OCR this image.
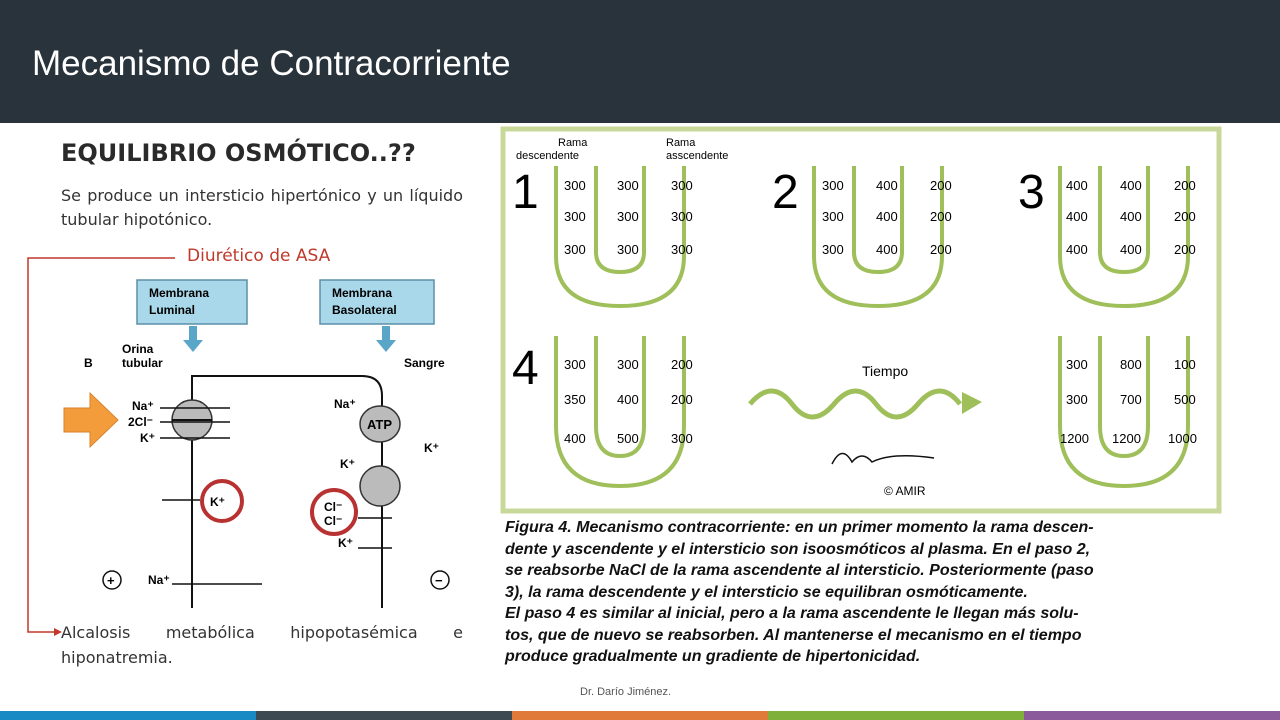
Mecanismo de Contracorriente
EQUILIBRIO OSMÓTICO..??
Se produce un intersticio hipertónico y un líquido tubular hipotónico.
Diurético de ASA
Membrana
Luminal
Membrana
Basolateral
B
Orina
tubular	Sangre
Na⁺
2Cl⁻
K⁺
ATP
Na⁺
K⁺
K⁺
K⁺	Cl⁻
Cl⁻
K⁺
Na⁺
+	−
Alcalosis metabólica hipopotasémica e hiponatremia.
Rama
descendente
Rama
asscendente
1 300 300 300
300 300 300
300 300 300
2 300 400 200
300 400 200
300 400 200
3 400 400 200
400 400 200
400 400 200
4 300 300 200
350 400 200
400 500 300
Tiempo
© AMIR
300 800 100
300 700 500
1200 1200 1000
Figura 4. Mecanismo contracorriente: en un primer momento la rama descen-
dente y ascendente y el intersticio son isoosmóticos al plasma. En el paso 2,
se reabsorbe NaCl de la rama ascendente al intersticio. Posteriormente (paso
3), la rama descendente y el intersticio se equilibran osmóticamente.
El paso 4 es similar al inicial, pero a la rama ascendente le llegan más solu-
tos, que de nuevo se reabsorben. Al mantenerse el mecanismo en el tiempo
produce gradualmente un gradiente de hipertonicidad.
Dr. Darío Jiménez.
